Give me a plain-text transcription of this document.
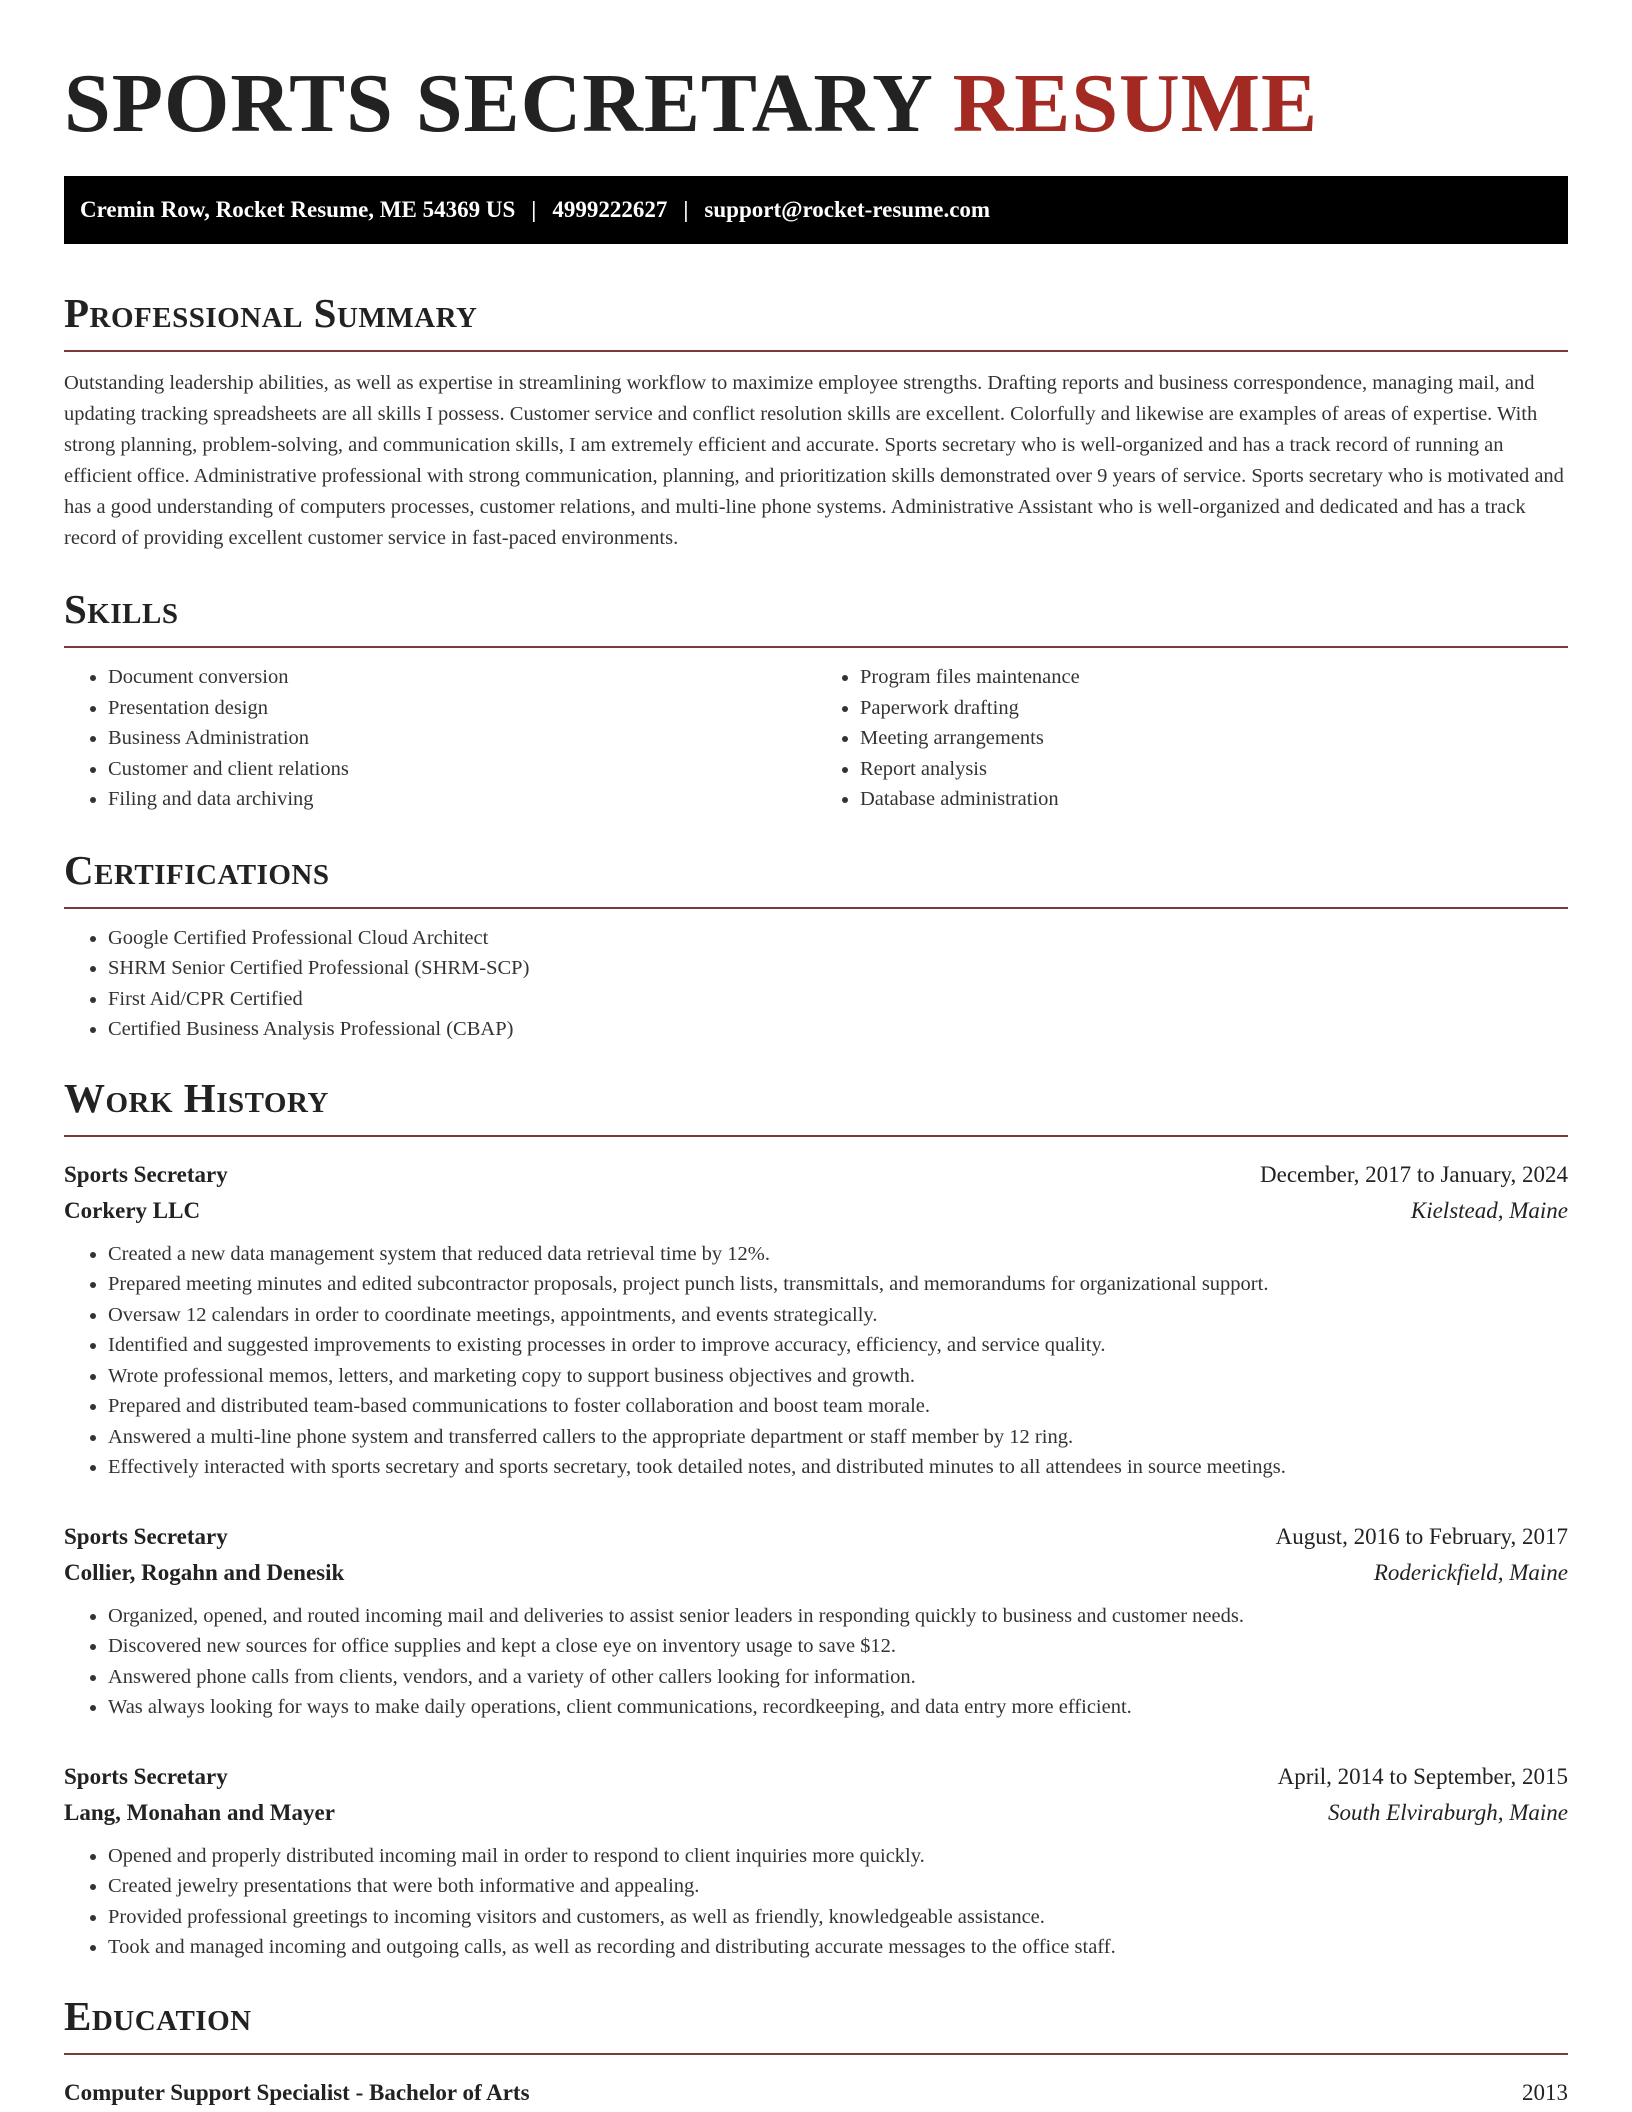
SPORTS SECRETARY RESUME
Cremin Row, Rocket Resume, ME 54369 US | 4999222627 | support@rocket-resume.com
Professional Summary

Outstanding leadership abilities, as well as expertise in streamlining workflow to maximize employee strengths. Drafting reports and business correspondence, managing mail, and updating tracking spreadsheets are all skills I possess. Customer service and conflict resolution skills are excellent. Colorfully and likewise are examples of areas of expertise. With strong planning, problem-solving, and communication skills, I am extremely efficient and accurate. Sports secretary who is well-organized and has a track record of running an efficient office. Administrative professional with strong communication, planning, and prioritization skills demonstrated over 9 years of service. Sports secretary who is motivated and has a good understanding of computers processes, customer relations, and multi-line phone systems. Administrative Assistant who is well-organized and dedicated and has a track record of providing excellent customer service in fast-paced environments.

Skills
• Document conversion
• Presentation design
• Business Administration
• Customer and client relations
• Filing and data archiving
• Program files maintenance
• Paperwork drafting
• Meeting arrangements
• Report analysis
• Database administration
Certifications
• Google Certified Professional Cloud Architect
• SHRM Senior Certified Professional (SHRM-SCP)
• First Aid/CPR Certified
• Certified Business Analysis Professional (CBAP)
Work History
Sports Secretary	December, 2017 to January, 2024
Corkery LLC	Kielstead, Maine
• Created a new data management system that reduced data retrieval time by 12%.
• Prepared meeting minutes and edited subcontractor proposals, project punch lists, transmittals, and memorandums for organizational support.
• Oversaw 12 calendars in order to coordinate meetings, appointments, and events strategically.
• Identified and suggested improvements to existing processes in order to improve accuracy, efficiency, and service quality.
• Wrote professional memos, letters, and marketing copy to support business objectives and growth.
• Prepared and distributed team-based communications to foster collaboration and boost team morale.
• Answered a multi-line phone system and transferred callers to the appropriate department or staff member by 12 ring.
• Effectively interacted with sports secretary and sports secretary, took detailed notes, and distributed minutes to all attendees in source meetings.
Sports Secretary	August, 2016 to February, 2017
Collier, Rogahn and Denesik	Roderickfield, Maine
• Organized, opened, and routed incoming mail and deliveries to assist senior leaders in responding quickly to business and customer needs.
• Discovered new sources for office supplies and kept a close eye on inventory usage to save $12.
• Answered phone calls from clients, vendors, and a variety of other callers looking for information.
• Was always looking for ways to make daily operations, client communications, recordkeeping, and data entry more efficient.
Sports Secretary	April, 2014 to September, 2015
Lang, Monahan and Mayer	South Elviraburgh, Maine
• Opened and properly distributed incoming mail in order to respond to client inquiries more quickly.
• Created jewelry presentations that were both informative and appealing.
• Provided professional greetings to incoming visitors and customers, as well as friendly, knowledgeable assistance.
• Took and managed incoming and outgoing calls, as well as recording and distributing accurate messages to the office staff.
Education
Computer Support Specialist - Bachelor of Arts	2013
